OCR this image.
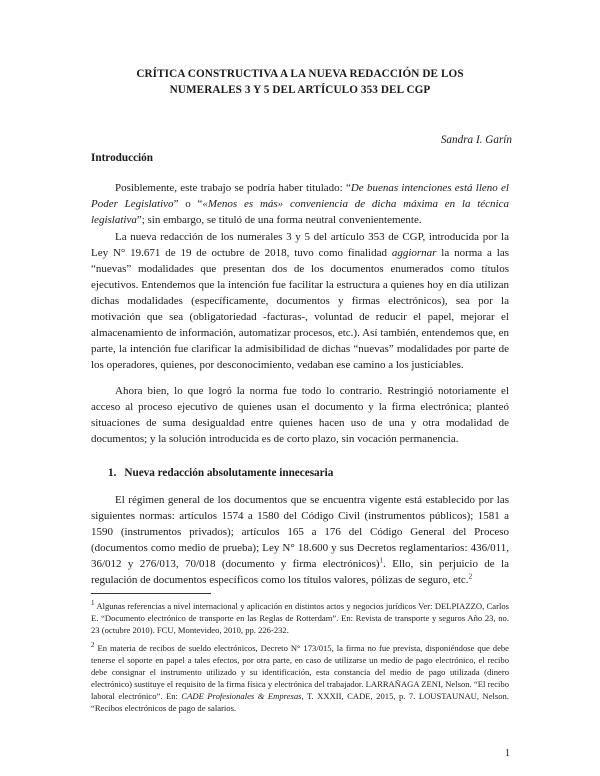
CRÍTICA CONSTRUCTIVA A LA NUEVA REDACCIÓN DE LOS
NUMERALES 3 Y 5 DEL ARTÍCULO 353 DEL CGP
Sandra I. Garín
Introducción

Posiblemente, este trabajo se podría haber titulado: “De buenas intenciones está lleno el Poder Legislativo” o “«Menos es más» conveniencia de dicha máxima en la técnica legislativa”; sin embargo, se tituló de una forma neutral convenientemente.

La nueva redacción de los numerales 3 y 5 del artículo 353 de CGP, introducida por la Ley N° 19.671 de 19 de octubre de 2018, tuvo como finalidad aggiornar la norma a las “nuevas” modalidades que presentan dos de los documentos enumerados como títulos ejecutivos. Entendemos que la intención fue facilitar la estructura a quienes hoy en día utilizan dichas modalidades (específicamente, documentos y firmas electrónicos), sea por la motivación que sea (obligatoriedad -facturas-, voluntad de reducir el papel, mejorar el almacenamiento de información, automatizar procesos, etc.). Así también, entendemos que, en parte, la intención fue clarificar la admisibilidad de dichas “nuevas” modalidades por parte de los operadores, quienes, por desconocimiento, vedaban ese camino a los justiciables.

Ahora bien, lo que logró la norma fue todo lo contrario. Restringió notoriamente el acceso al proceso ejecutivo de quienes usan el documento y la firma electrónica; planteó situaciones de suma desigualdad entre quienes hacen uso de una y otra modalidad de documentos; y la solución introducida es de corto plazo, sin vocación permanencia.

1. Nueva redacción absolutamente innecesaria

El régimen general de los documentos que se encuentra vigente está establecido por las siguientes normas: artículos 1574 a 1580 del Código Civil (instrumentos públicos); 1581 a 1590 (instrumentos privados); artículos 165 a 176 del Código General del Proceso (documentos como medio de prueba); Ley N° 18.600 y sus Decretos reglamentarios: 436/011, 36/012 y 276/013, 70/018 (documento y firma electrónicos)$^1$. Ello, sin perjuicio de la regulación de documentos específicos como los títulos valores, pólizas de seguro, etc.$^2$

$^1$ Algunas referencias a nivel internacional y aplicación en distintos actos y negocios jurídicos Ver: DELPIAZZO, Carlos E. “Documento electrónico de transporte en las Reglas de Rotterdam”. En: Revista de transporte y seguros Año 23, no. 23 (octubre 2010). FCU, Montevideo, 2010, pp. 226-232.

$^2$ En materia de recibos de sueldo electrónicos, Decreto N° 173/015, la firma no fue prevista, disponiéndose que debe tenerse el soporte en papel a tales efectos, por otra parte, en caso de utilizarse un medio de pago electrónico, el recibo debe consignar el instrumento utilizado y su identificación, esta constancia del medio de pago utilizada (dinero electrónico) sustituye el requisito de la firma física y electrónica del trabajador. LARRAÑAGA ZENI, Nelson. “El recibo laboral electrónico”. En: CADE Profesionales & Empresas, T. XXXII, CADE, 2015, p. 7. LOUSTAUNAU, Nelson. “Recibos electrónicos de pago de salarios.

1
